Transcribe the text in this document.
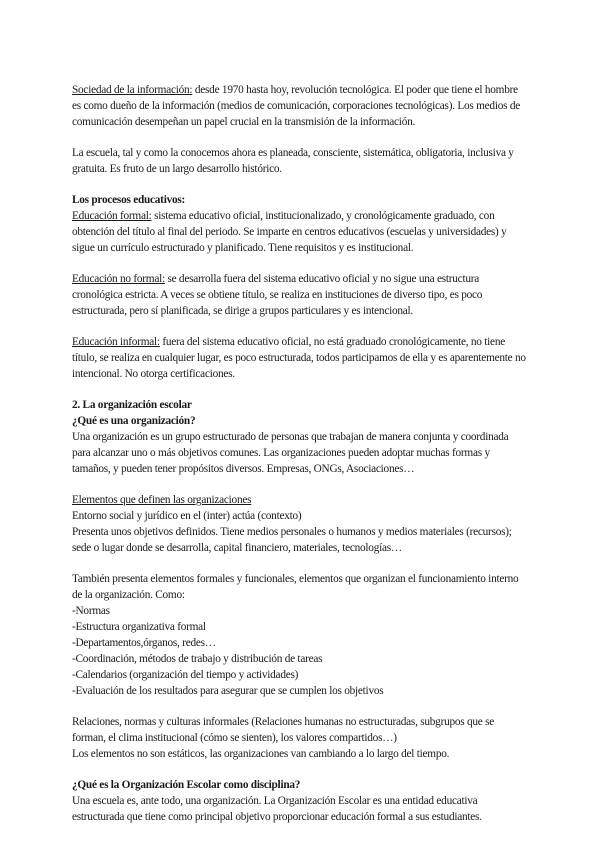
Sociedad de la información: desde 1970 hasta hoy, revolución tecnológica. El poder que tiene el hombre es como dueño de la información (medios de comunicación, corporaciones tecnológicas). Los medios de comunicación desempeñan un papel crucial en la transmisión de la información.

La escuela, tal y como la conocemos ahora es planeada, consciente, sistemática, obligatoria, inclusiva y gratuita. Es fruto de un largo desarrollo histórico.

Los procesos educativos:

Educación formal: sistema educativo oficial, institucionalizado, y cronológicamente graduado, con obtención del título al final del periodo. Se imparte en centros educativos (escuelas y universidades) y sigue un currículo estructurado y planificado. Tiene requisitos y es institucional.

Educación no formal: se desarrolla fuera del sistema educativo oficial y no sigue una estructura cronológica estricta. A veces se obtiene título, se realiza en instituciones de diverso tipo, es poco estructurada, pero sí planificada, se dirige a grupos particulares y es intencional.

Educación informal: fuera del sistema educativo oficial, no está graduado cronológicamente, no tiene título, se realiza en cualquier lugar, es poco estructurada, todos participamos de ella y es aparentemente no intencional. No otorga certificaciones.

2. La organización escolar

¿Qué es una organización?

Una organización es un grupo estructurado de personas que trabajan de manera conjunta y coordinada para alcanzar uno o más objetivos comunes. Las organizaciones pueden adoptar muchas formas y tamaños, y pueden tener propósitos diversos. Empresas, ONGs, Asociaciones…

Elementos que definen las organizaciones

Entorno social y jurídico en el (inter) actúa (contexto)

Presenta unos objetivos definidos. Tiene medios personales o humanos y medios materiales (recursos); sede o lugar donde se desarrolla, capital financiero, materiales, tecnologías…

También presenta elementos formales y funcionales, elementos que organizan el funcionamiento interno de la organización. Como:

-Normas
-Estructura organizativa formal
-Departamentos,órganos, redes…
-Coordinación, métodos de trabajo y distribución de tareas
-Calendarios (organización del tiempo y actividades)
-Evaluación de los resultados para asegurar que se cumplen los objetivos

Relaciones, normas y culturas informales (Relaciones humanas no estructuradas, subgrupos que se forman, el clima institucional (cómo se sienten), los valores compartidos…)

Los elementos no son estáticos, las organizaciones van cambiando a lo largo del tiempo.

¿Qué es la Organización Escolar como disciplina?

Una escuela es, ante todo, una organización. La Organización Escolar es una entidad educativa estructurada que tiene como principal objetivo proporcionar educación formal a sus estudiantes.
